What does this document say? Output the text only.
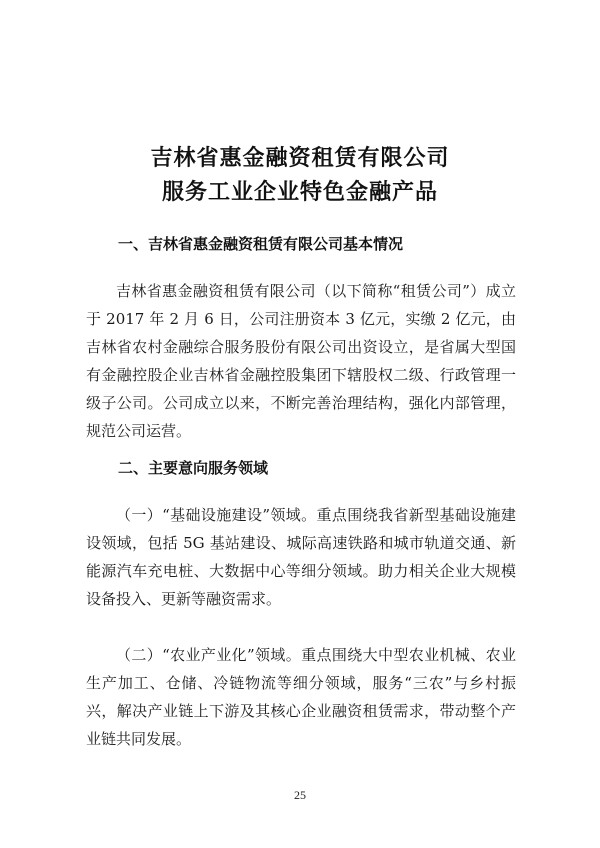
吉林省惠金融资租赁有限公司
服务工业企业特色金融产品
一、吉林省惠金融资租赁有限公司基本情况

吉林省惠金融资租赁有限公司（以下简称“租赁公司”）成立于 2017 年 2 月 6 日，公司注册资本 3 亿元，实缴 2 亿元，由吉林省农村金融综合服务股份有限公司出资设立，是省属大型国有金融控股企业吉林省金融控股集团下辖股权二级、行政管理一级子公司。公司成立以来，不断完善治理结构，强化内部管理，规范公司运营。

二、主要意向服务领域

（一）“基础设施建设”领域。重点围绕我省新型基础设施建设领域，包括 5G 基站建设、城际高速铁路和城市轨道交通、新能源汽车充电桩、大数据中心等细分领域。助力相关企业大规模设备投入、更新等融资需求。

（二）“农业产业化”领域。重点围绕大中型农业机械、农业生产加工、仓储、冷链物流等细分领域，服务“三农”与乡村振兴，解决产业链上下游及其核心企业融资租赁需求，带动整个产业链共同发展。

25
